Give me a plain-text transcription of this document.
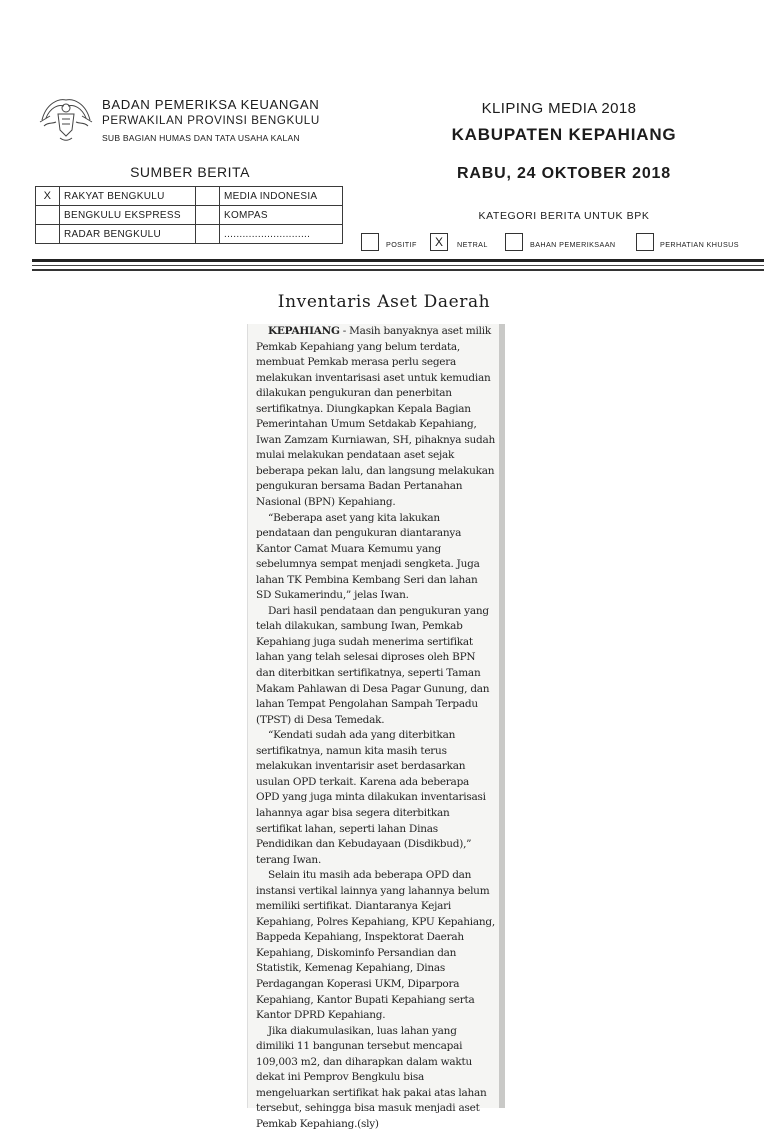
BADAN PEMERIKSA KEUANGAN
PERWAKILAN PROVINSI BENGKULU
SUB BAGIAN HUMAS DAN TATA USAHA KALAN
SUMBER BERITA
X	RAKYAT BENGKULU		MEDIA INDONESIA
	BENGKULU EKSPRESS		KOMPAS
	RADAR BENGKULU		............................
KLIPING MEDIA 2018
KABUPATEN KEPAHIANG
RABU, 24 OKTOBER 2018
KATEGORI BERITA UNTUK BPK
POSITIF	X	NETRAL	BAHAN PEMERIKSAAN	PERHATIAN KHUSUS
Inventaris Aset Daerah

KEPAHIANG - Masih banyaknya aset milik Pemkab Kepahiang yang belum terdata, membuat Pemkab merasa perlu segera melakukan inventarisasi aset untuk kemudian dilakukan pengukuran dan penerbitan sertifikatnya. Diungkapkan Kepala Bagian Pemerintahan Umum Setdakab Kepahiang, Iwan Zamzam Kurniawan, SH, pihaknya sudah mulai melakukan pendataan aset sejak beberapa pekan lalu, dan langsung melakukan pengukuran bersama Badan Pertanahan Nasional (BPN) Kepahiang.

“Beberapa aset yang kita lakukan pendataan dan pengukuran diantaranya Kantor Camat Muara Kemumu yang sebelumnya sempat menjadi sengketa. Juga lahan TK Pembina Kembang Seri dan lahan SD Sukamerindu,” jelas Iwan.

Dari hasil pendataan dan pengukuran yang telah dilakukan, sambung Iwan, Pemkab Kepahiang juga sudah menerima sertifikat lahan yang telah selesai diproses oleh BPN dan diterbitkan sertifikatnya, seperti Taman Makam Pahlawan di Desa Pagar Gunung, dan lahan Tempat Pengolahan Sampah Terpadu (TPST) di Desa Temedak.

“Kendati sudah ada yang diterbitkan sertifikatnya, namun kita masih terus melakukan inventarisir aset berdasarkan usulan OPD terkait. Karena ada beberapa OPD yang juga minta dilakukan inventarisasi lahannya agar bisa segera diterbitkan sertifikat lahan, seperti lahan Dinas Pendidikan dan Kebudayaan (Disdikbud),” terang Iwan.

Selain itu masih ada beberapa OPD dan instansi vertikal lainnya yang lahannya belum memiliki sertifikat. Diantaranya Kejari Kepahiang, Polres Kepahiang, KPU Kepahiang, Bappeda Kepahiang, Inspektorat Daerah Kepahiang, Diskominfo Persandian dan Statistik, Kemenag Kepahiang, Dinas Perdagangan Koperasi UKM, Diparpora Kepahiang, Kantor Bupati Kepahiang serta Kantor DPRD Kepahiang.

Jika diakumulasikan, luas lahan yang dimiliki 11 bangunan tersebut mencapai 109,003 m2, dan diharapkan dalam waktu dekat ini Pemprov Bengkulu bisa mengeluarkan sertifikat hak pakai atas lahan tersebut, sehingga bisa masuk menjadi aset Pemkab Kepahiang.(sly)
